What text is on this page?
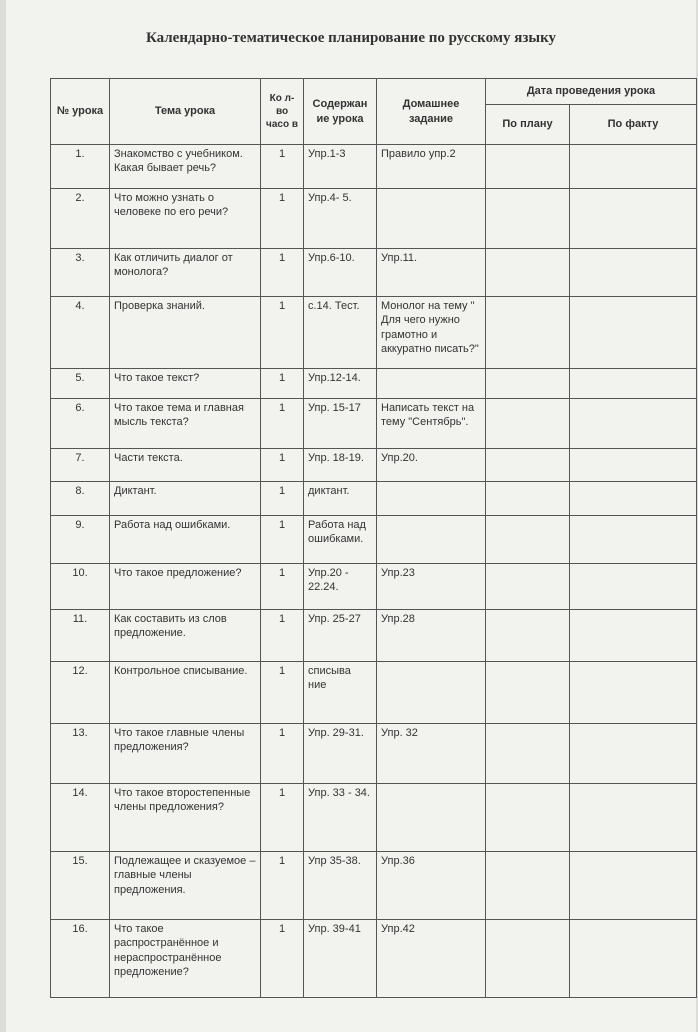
Календарно-тематическое планирование по русскому языку
№ урока	Тема урока	Ко л-во часо в	Содержан ие урока	Домашнее задание	Дата проведения урока	
					По плану	По факту
1.	Знакомство с учебником. Какая бывает речь?	1	Упр.1-3	Правило упр.2		
2.	Что можно узнать о человеке по его речи?	1	Упр.4- 5.			
3.	Как отличить диалог от монолога?	1	Упр.6-10.	Упр.11.		
4.	Проверка знаний.	1	с.14. Тест.	Монолог на тему " Для чего нужно грамотно и аккуратно писать?"		
5.	Что такое текст?	1	Упр.12-14.			
6.	Что такое тема и главная мысль текста?	1	Упр. 15-17	Написать текст на тему "Сентябрь".		
7.	Части текста.	1	Упр. 18-19.	Упр.20.		
8.	Диктант.	1	диктант.			
9.	Работа над ошибками.	1	Работа над ошибками.			
10.	Что такое предложение?	1	Упр.20 - 22.24.	Упр.23		
11.	Как составить из слов предложение.	1	Упр. 25-27	Упр.28		
12.	Контрольное списывание.	1	списыва ние			
13.	Что такое главные члены предложения?	1	Упр. 29-31.	Упр. 32		
14.	Что такое второстепенные члены предложения?	1	Упр. 33 - 34.			
15.	Подлежащее и сказуемое – главные члены предложения.	1	Упр 35-38.	Упр.36		
16.	Что такое распространённое и нераспространённое предложение?	1	Упр. 39-41	Упр.42		
